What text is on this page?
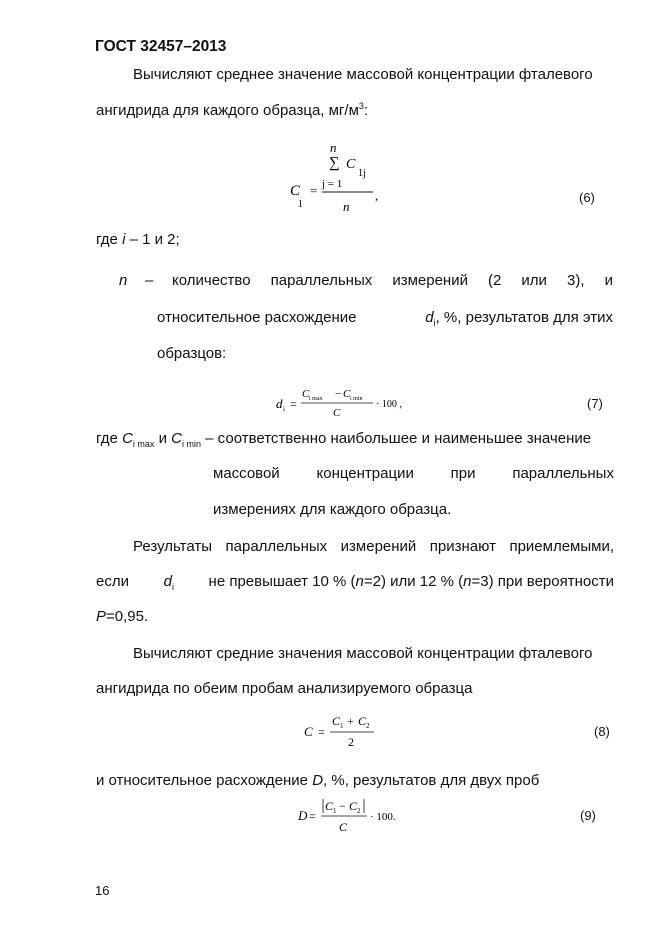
ГОСТ 32457–2013
Вычисляют среднее значение массовой концентрации фталевого
ангидрида для каждого образца, $мг/м^3$:
n
∑ C
1j
j = 1
C
1
=
n
,	(6)
где i – 1 и 2;
n – количество параллельных измерений (2 или 3), и
относительное расхождение	$d_i$, %, результатов для этих
образцов:
d i =
C i max − C i min
C
· 100 ,	(7)
где $C_{i max}$ и $C_{i min}$ – соответственно наибольшее и наименьшее значение
массовой концентрации при параллельных
измерениях для каждого образца.
Результаты параллельных измерений признают приемлемыми,
если $d_i$ не превышает 10 % (n=2) или 12 % (n=3) при вероятности
P=0,95.
Вычисляют средние значения массовой концентрации фталевого
ангидрида по обеим пробам анализируемого образца
C =
C 1 + C 2
2
(8)
и относительное расхождение D, %, результатов для двух проб
D =
C 1 − C 2
C
· 100.	(9)
16
